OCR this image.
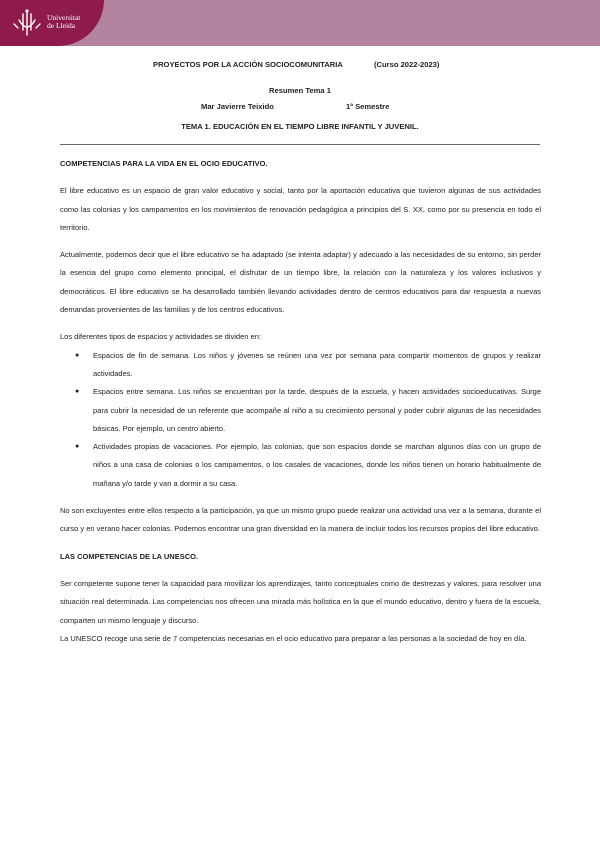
Universitat
de Lleida
PROYECTOS POR LA ACCIÓN SOCIOCOMUNITARIA	(Curso 2022-2023)
Resumen Tema 1
Mar Javierre Teixido	1º Semestre
TEMA 1. EDUCACIÓN EN EL TIEMPO LIBRE INFANTIL Y JUVENIL.

COMPETENCIAS PARA LA VIDA EN EL OCIO EDUCATIVO.

El libre educativo es un espacio de gran valor educativo y social, tanto por la aportación educativa que tuvieron algunas de sus actividades como las colonias y los campamentos en los movimientos de renovación pedagógica a principios del S. XX, como por su presencia en todo el territorio.

Actualmente, podemos decir que el libre educativo se ha adaptado (se intenta adaptar) y adecuado a las necesidades de su entorno, sin perder la esencia del grupo como elemento principal, el disfrutar de un tiempo libre, la relación con la naturaleza y los valores inclusivos y democráticos. El libre educativo se ha desarrollado también llevando actividades dentro de centros educativos para dar respuesta a nuevas demandas provenientes de las familias y de los centros educativos.

Los diferentes tipos de espacios y actividades se dividen en:

● Espacios de fin de semana. Los niños y jóvenes se reúnen una vez por semana para compartir momentos de grupos y realizar actividades.
● Espacios entre semana. Los niños se encuentran por la tarde, después de la escuela, y hacen actividades socioeducativas. Surge para cubrir la necesidad de un referente que acompañe al niño a su crecimiento personal y poder cubrir algunas de las necesidades básicas. Por ejemplo, un centro abierto.
● Actividades propias de vacaciones. Por ejemplo, las colonias, que son espacios donde se marchan algunos días con un grupo de niños a una casa de colonias o los campamentos, o los casales de vacaciones, donde los niños tienen un horario habitualmente de mañana y/o tarde y van a dormir a su casa.

No son excluyentes entre ellos respecto a la participación, ya que un mismo grupo puede realizar una actividad una vez a la semana, durante el curso y en verano hacer colonias. Podemos encontrar una gran diversidad en la manera de incluir todos los recursos propios del libre educativo.

LAS COMPETENCIAS DE LA UNESCO.

Ser competente supone tener la capacidad para movilizar los aprendizajes, tanto conceptuales como de destrezas y valores, para resolver una situación real determinada. Las competencias nos ofrecen una mirada más holística en la que el mundo educativo, dentro y fuera de la escuela, comparten un mismo lenguaje y discurso.

La UNESCO recoge una serie de 7 competencias necesarias en el ocio educativo para preparar a las personas a la sociedad de hoy en día.
